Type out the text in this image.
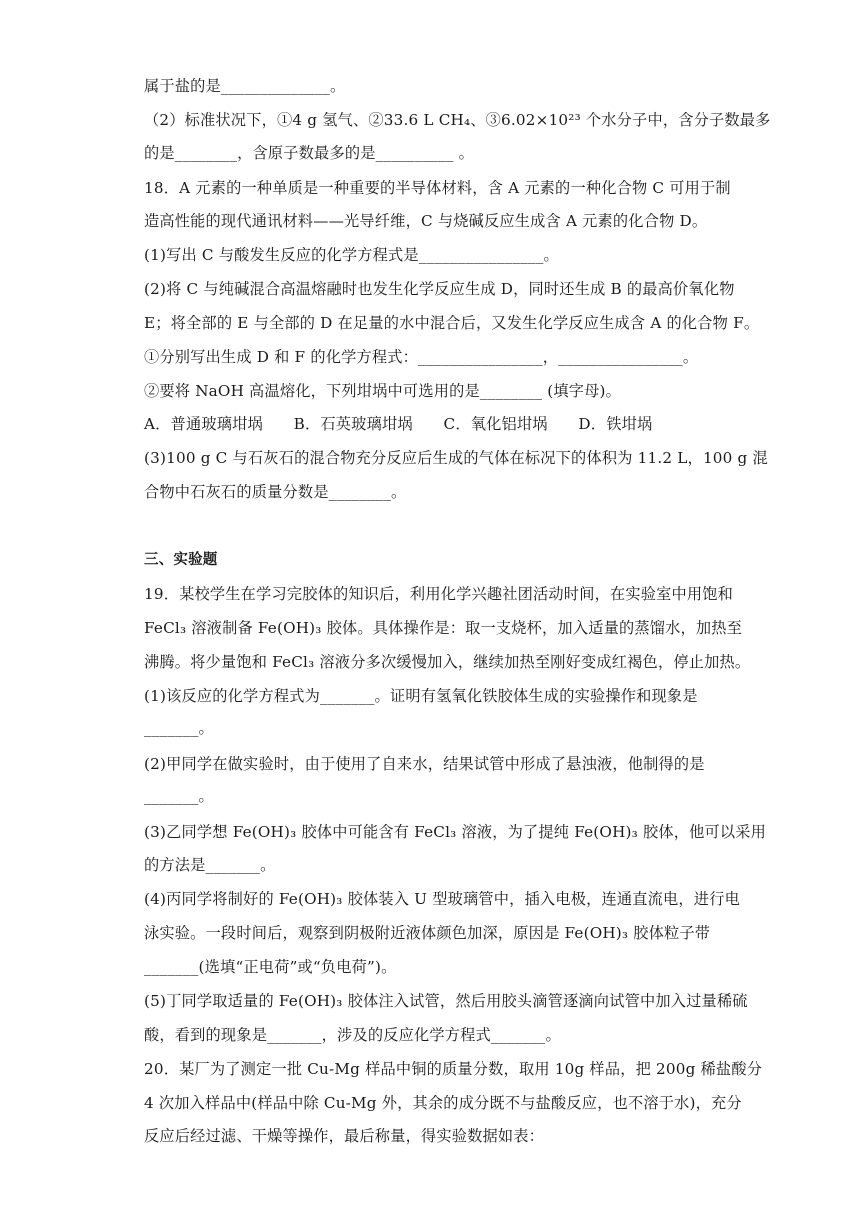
属于盐的是______________。
（2）标准状况下，①4 g 氢气、②33.6 L CH₄、③6.02×10²³ 个水分子中，含分子数最多
的是________，含原子数最多的是__________ 。
18．A 元素的一种单质是一种重要的半导体材料，含 A 元素的一种化合物 C 可用于制
造高性能的现代通讯材料——光导纤维，C 与烧碱反应生成含 A 元素的化合物 D。
(1)写出 C 与酸发生反应的化学方程式是________________。
(2)将 C 与纯碱混合高温熔融时也发生化学反应生成 D，同时还生成 B 的最高价氧化物
E；将全部的 E 与全部的 D 在足量的水中混合后，又发生化学反应生成含 A 的化合物 F。
①分别写出生成 D 和 F 的化学方程式：________________，________________。
②要将 NaOH 高温熔化，下列坩埚中可选用的是________ (填字母)。
A．普通玻璃坩埚　　B．石英玻璃坩埚　　C．氧化铝坩埚　　D．铁坩埚
(3)100 g C 与石灰石的混合物充分反应后生成的气体在标况下的体积为 11.2 L，100 g 混
合物中石灰石的质量分数是________。
三、实验题
19．某校学生在学习完胶体的知识后，利用化学兴趣社团活动时间，在实验室中用饱和
FeCl₃ 溶液制备 Fe(OH)₃ 胶体。具体操作是：取一支烧杯，加入适量的蒸馏水，加热至
沸腾。将少量饱和 FeCl₃ 溶液分多次缓慢加入，继续加热至刚好变成红褐色，停止加热。
(1)该反应的化学方程式为_______。证明有氢氧化铁胶体生成的实验操作和现象是
_______。
(2)甲同学在做实验时，由于使用了自来水，结果试管中形成了悬浊液，他制得的是
_______。
(3)乙同学想 Fe(OH)₃ 胶体中可能含有 FeCl₃ 溶液，为了提纯 Fe(OH)₃ 胶体，他可以采用
的方法是_______。
(4)丙同学将制好的 Fe(OH)₃ 胶体装入 U 型玻璃管中，插入电极，连通直流电，进行电
泳实验。一段时间后，观察到阴极附近液体颜色加深，原因是 Fe(OH)₃ 胶体粒子带
_______(选填“正电荷”或“负电荷”)。
(5)丁同学取适量的 Fe(OH)₃ 胶体注入试管，然后用胶头滴管逐滴向试管中加入过量稀硫
酸，看到的现象是_______，涉及的反应化学方程式_______。
20．某厂为了测定一批 Cu-Mg 样品中铜的质量分数，取用 10g 样品，把 200g 稀盐酸分
4 次加入样品中(样品中除 Cu-Mg 外，其余的成分既不与盐酸反应，也不溶于水)，充分
反应后经过滤、干燥等操作，最后称量，得实验数据如表：
